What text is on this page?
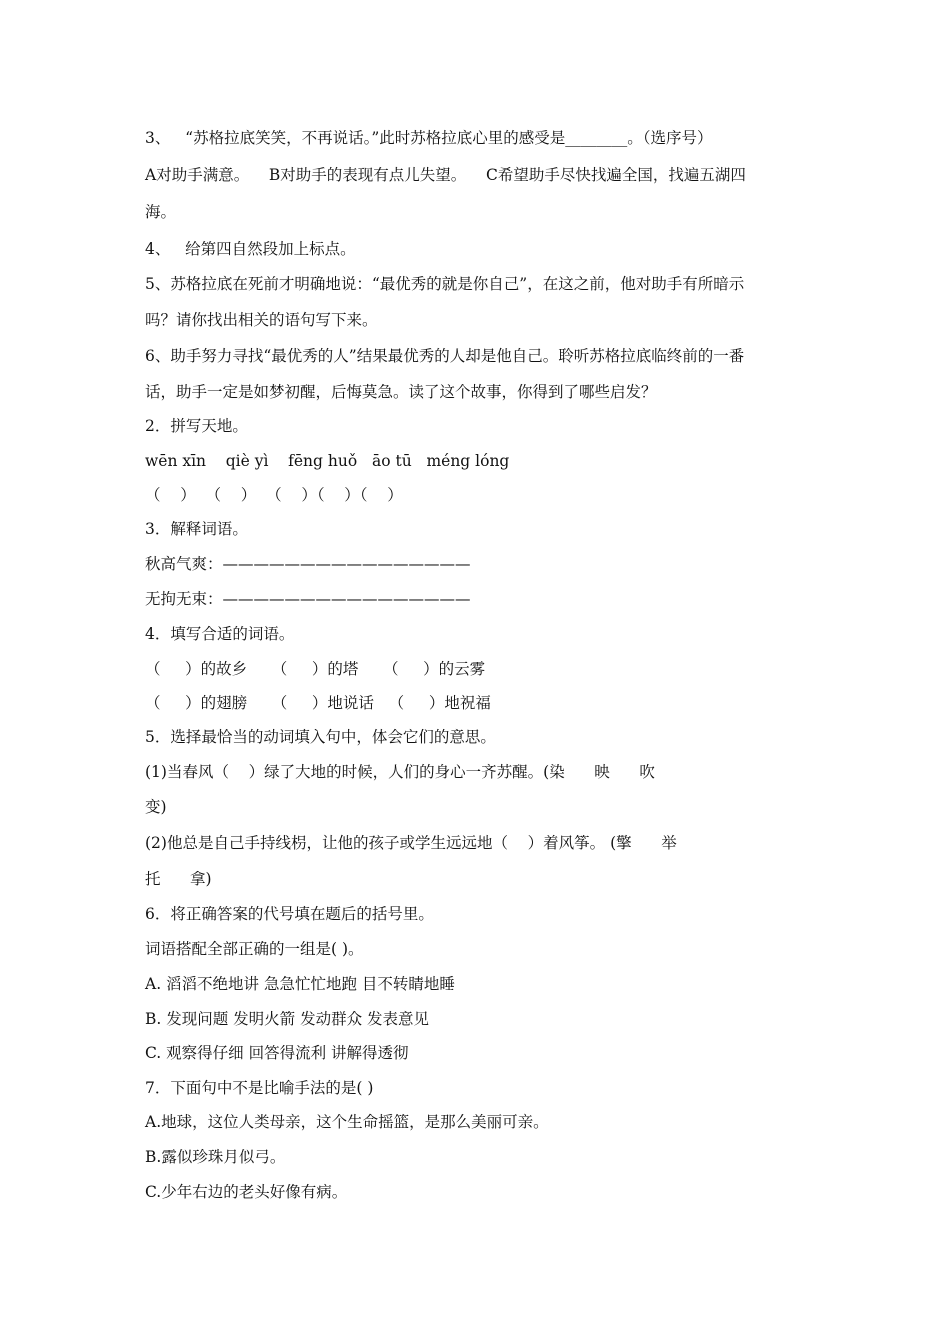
3、   “苏格拉底笑笑，不再说话。”此时苏格拉底心里的感受是________。（选序号）
A对助手满意。    B对助手的表现有点儿失望。    C希望助手尽快找遍全国，找遍五湖四
海。
4、   给第四自然段加上标点。
5、苏格拉底在死前才明确地说：“最优秀的就是你自己”，在这之前，他对助手有所暗示
吗？请你找出相关的语句写下来。
6、助手努力寻找“最优秀的人”结果最优秀的人却是他自己。聆听苏格拉底临终前的一番
话，助手一定是如梦初醒，后悔莫急。读了这个故事，你得到了哪些启发？
2．拼写天地。
wēn xīn    qiè yì    fēng huǒ   āo tū   méng lóng
（    ）  （    ）  （    ）（    ）（    ）
3．解释词语。
秋高气爽：————————————————
无拘无束：————————————————
4．填写合适的词语。
（     ）的故乡     （     ）的塔     （     ）的云雾
（     ）的翅膀     （     ）地说话   （     ）地祝福
5．选择最恰当的动词填入句中，体会它们的意思。
(1)当春风（    ）绿了大地的时候，人们的身心一齐苏醒。(染      映      吹
变)
(2)他总是自己手持线枴，让他的孩子或学生远远地（    ）着风筝。 (擎      举
托      拿)
6．将正确答案的代号填在题后的括号里。
词语搭配全部正确的一组是( )。
A. 滔滔不绝地讲 急急忙忙地跑 目不转睛地睡
B. 发现问题 发明火箭 发动群众 发表意见
C. 观察得仔细 回答得流利 讲解得透彻
7．下面句中不是比喻手法的是( )
A.地球，这位人类母亲，这个生命摇篮，是那么美丽可亲。
B.露似珍珠月似弓。
C.少年右边的老头好像有病。
